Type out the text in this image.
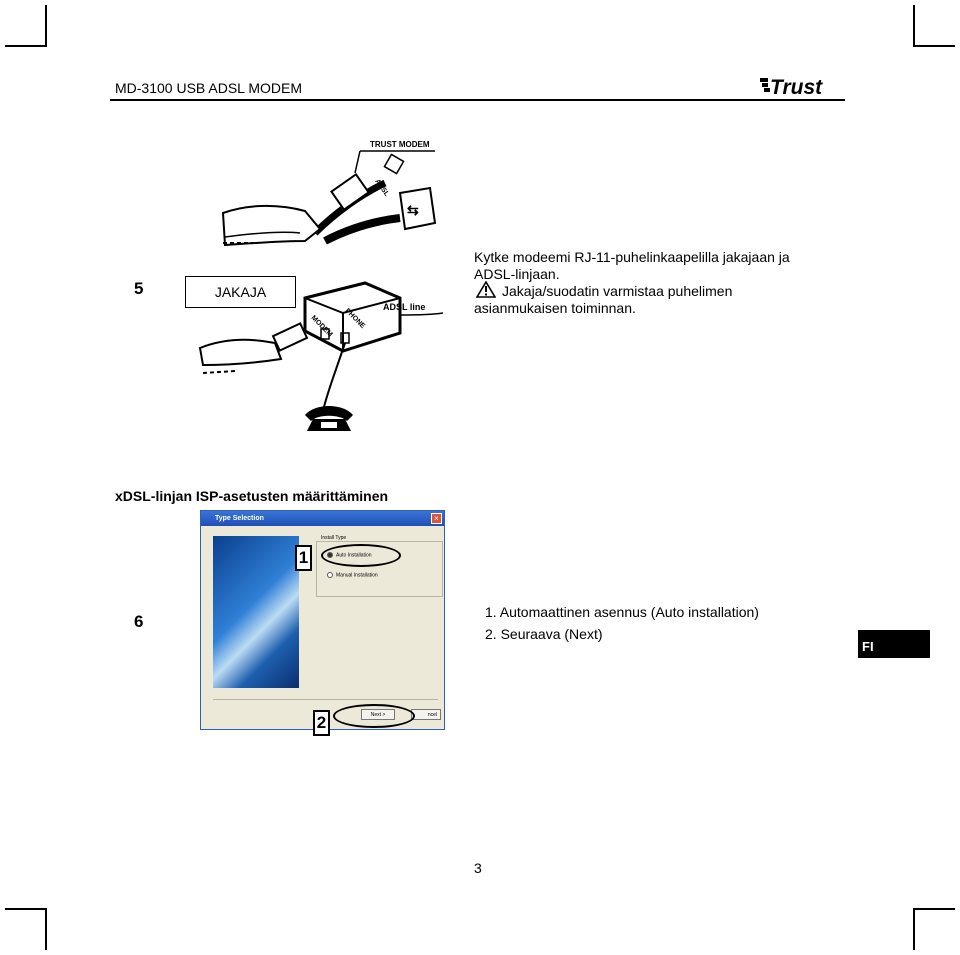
MD-3100 USB ADSL MODEM	Trust
5	JAKAJA
TRUST MODEM
ADSL
⇆
PHONE
MODEM
ADSL line
Kytke modeemi RJ-11-puhelinkaapelilla jakajaan ja
ADSL-linjaan.
Jakaja/suodatin varmistaa puhelimen
asianmukaisen toiminnan.
xDSL-linjan ISP-asetusten määrittäminen
6
Type Selection	×
Install Type
Auto Installation
Manual Installation
Next >	ncel
1
2
1. Automaattinen asennus (Auto installation)
2. Seuraava (Next)
FI
3
